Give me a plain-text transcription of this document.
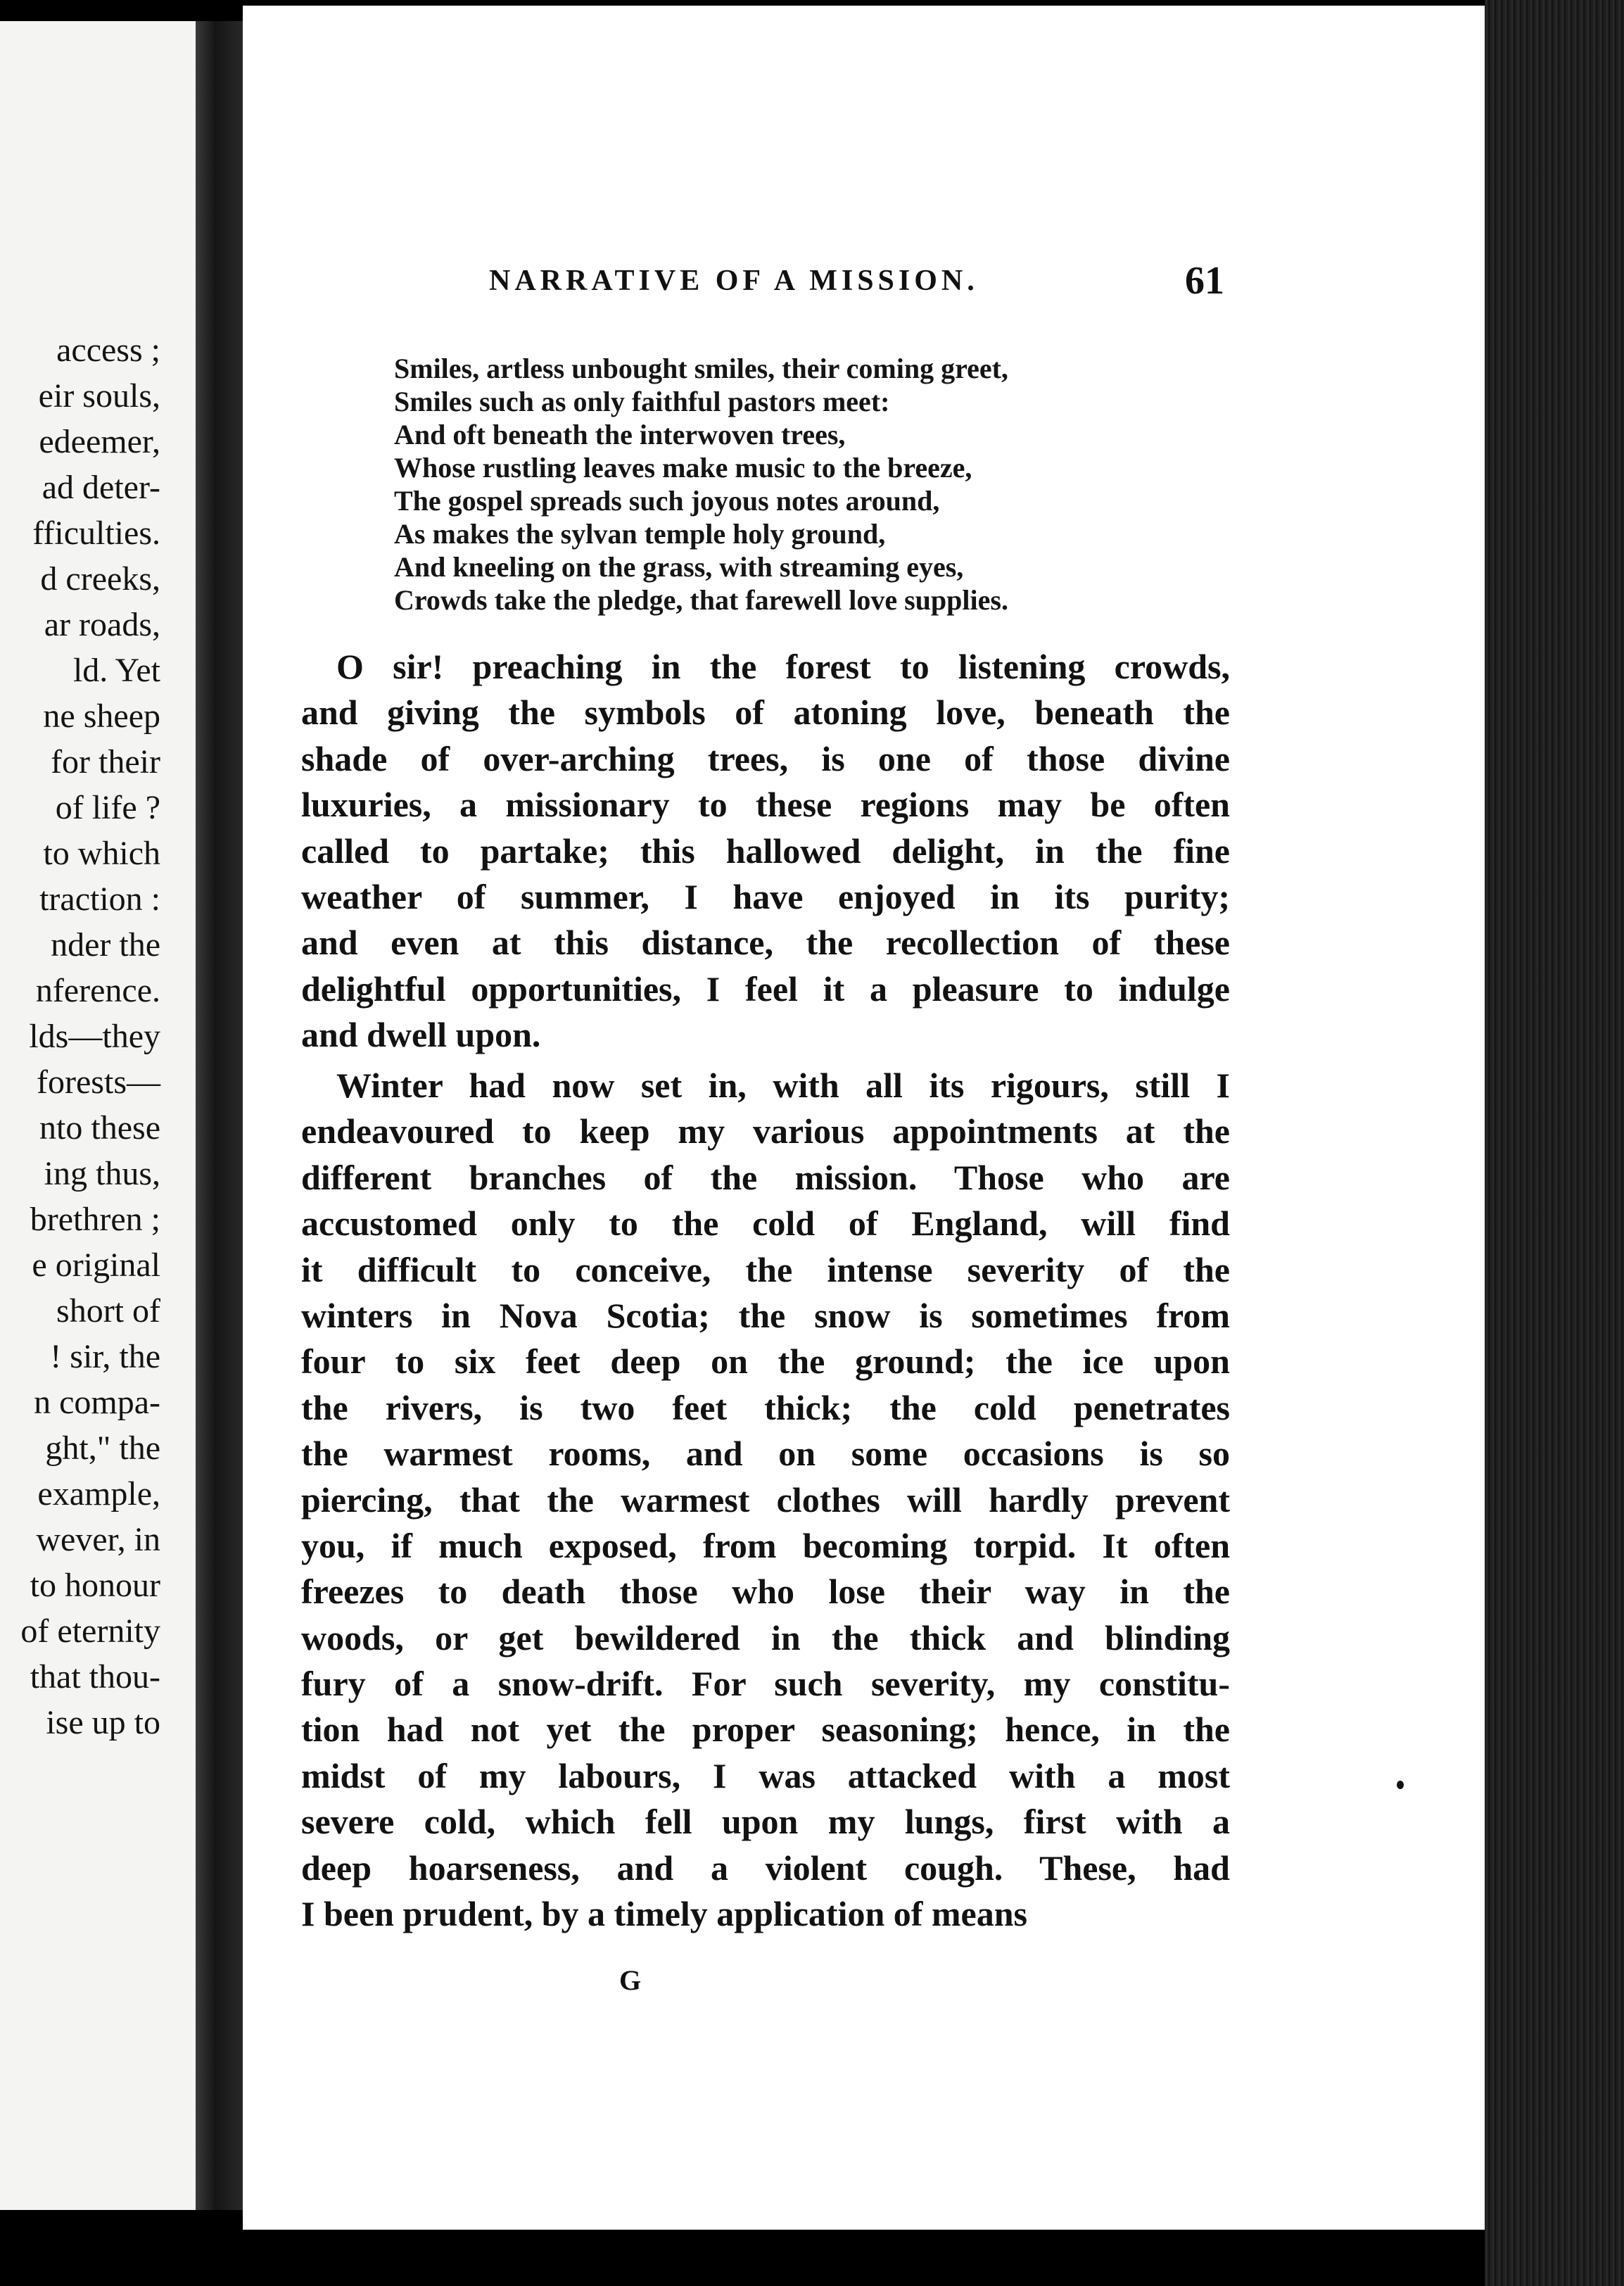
access ;
eir souls,
edeemer,
ad deter-
fficulties.
d creeks,
ar roads,
ld. Yet
ne sheep
for their
of life ?
to which
traction :
nder the
nference.
lds—they
forests—
nto these
ing thus,
brethren ;
e original
short of
! sir, the
n compa-
ght," the
example,
wever, in
to honour
of eternity
that thou-
ise up to
NARRATIVE OF A MISSION.	61
Smiles, artless unbought smiles, their coming greet,
Smiles such as only faithful pastors meet:
And oft beneath the interwoven trees,
Whose rustling leaves make music to the breeze,
The gospel spreads such joyous notes around,
As makes the sylvan temple holy ground,
And kneeling on the grass, with streaming eyes,
Crowds take the pledge, that farewell love supplies.
O sir! preaching in the forest to listening crowds,
and giving the symbols of atoning love, beneath the
shade of over-arching trees, is one of those divine
luxuries, a missionary to these regions may be often
called to partake; this hallowed delight, in the fine
weather of summer, I have enjoyed in its purity;
and even at this distance, the recollection of these
delightful opportunities, I feel it a pleasure to indulge
and dwell upon.
Winter had now set in, with all its rigours, still I
endeavoured to keep my various appointments at the
different branches of the mission. Those who are
accustomed only to the cold of England, will find
it difficult to conceive, the intense severity of the
winters in Nova Scotia; the snow is sometimes from
four to six feet deep on the ground; the ice upon
the rivers, is two feet thick; the cold penetrates
the warmest rooms, and on some occasions is so
piercing, that the warmest clothes will hardly prevent
you, if much exposed, from becoming torpid. It often
freezes to death those who lose their way in the
woods, or get bewildered in the thick and blinding
fury of a snow-drift. For such severity, my constitu-
tion had not yet the proper seasoning; hence, in the
midst of my labours, I was attacked with a most
severe cold, which fell upon my lungs, first with a
deep hoarseness, and a violent cough. These, had
I been prudent, by a timely application of means
G
